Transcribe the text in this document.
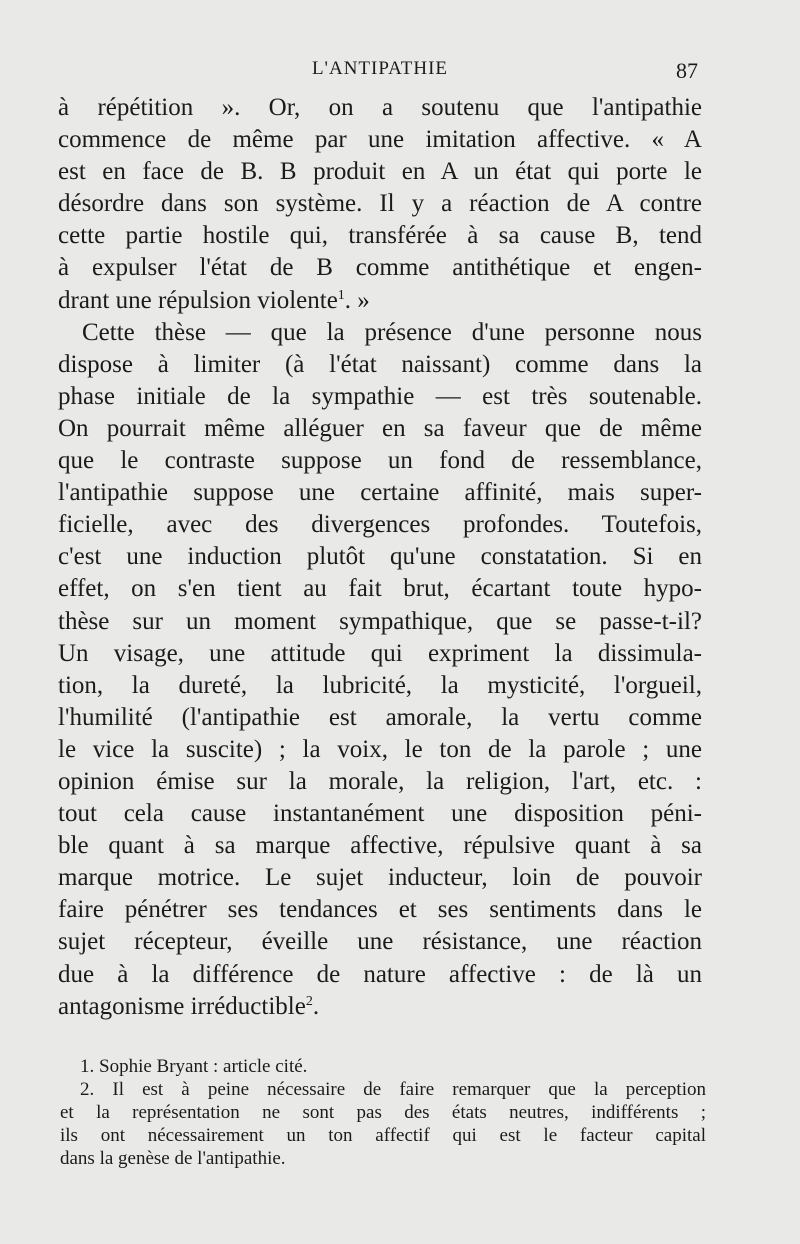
L'ANTIPATHIE	87
à répétition ». Or, on a soutenu que l'antipathie
commence de même par une imitation affective. « A
est en face de B. B produit en A un état qui porte le
désordre dans son système. Il y a réaction de A contre
cette partie hostile qui, transférée à sa cause B, tend
à expulser l'état de B comme antithétique et engen-
drant une répulsion violente$^1$. »
Cette thèse — que la présence d'une personne nous
dispose à limiter (à l'état naissant) comme dans la
phase initiale de la sympathie — est très soutenable.
On pourrait même alléguer en sa faveur que de même
que le contraste suppose un fond de ressemblance,
l'antipathie suppose une certaine affinité, mais super-
ficielle, avec des divergences profondes. Toutefois,
c'est une induction plutôt qu'une constatation. Si en
effet, on s'en tient au fait brut, écartant toute hypo-
thèse sur un moment sympathique, que se passe-t-il?
Un visage, une attitude qui expriment la dissimula-
tion, la dureté, la lubricité, la mysticité, l'orgueil,
l'humilité (l'antipathie est amorale, la vertu comme
le vice la suscite) ; la voix, le ton de la parole ; une
opinion émise sur la morale, la religion, l'art, etc. :
tout cela cause instantanément une disposition péni-
ble quant à sa marque affective, répulsive quant à sa
marque motrice. Le sujet inducteur, loin de pouvoir
faire pénétrer ses tendances et ses sentiments dans le
sujet récepteur, éveille une résistance, une réaction
due à la différence de nature affective : de là un
antagonisme irréductible$^2$.
1. Sophie Bryant : article cité.
2. Il est à peine nécessaire de faire remarquer que la perception
et la représentation ne sont pas des états neutres, indifférents ;
ils ont nécessairement un ton affectif qui est le facteur capital
dans la genèse de l'antipathie.
